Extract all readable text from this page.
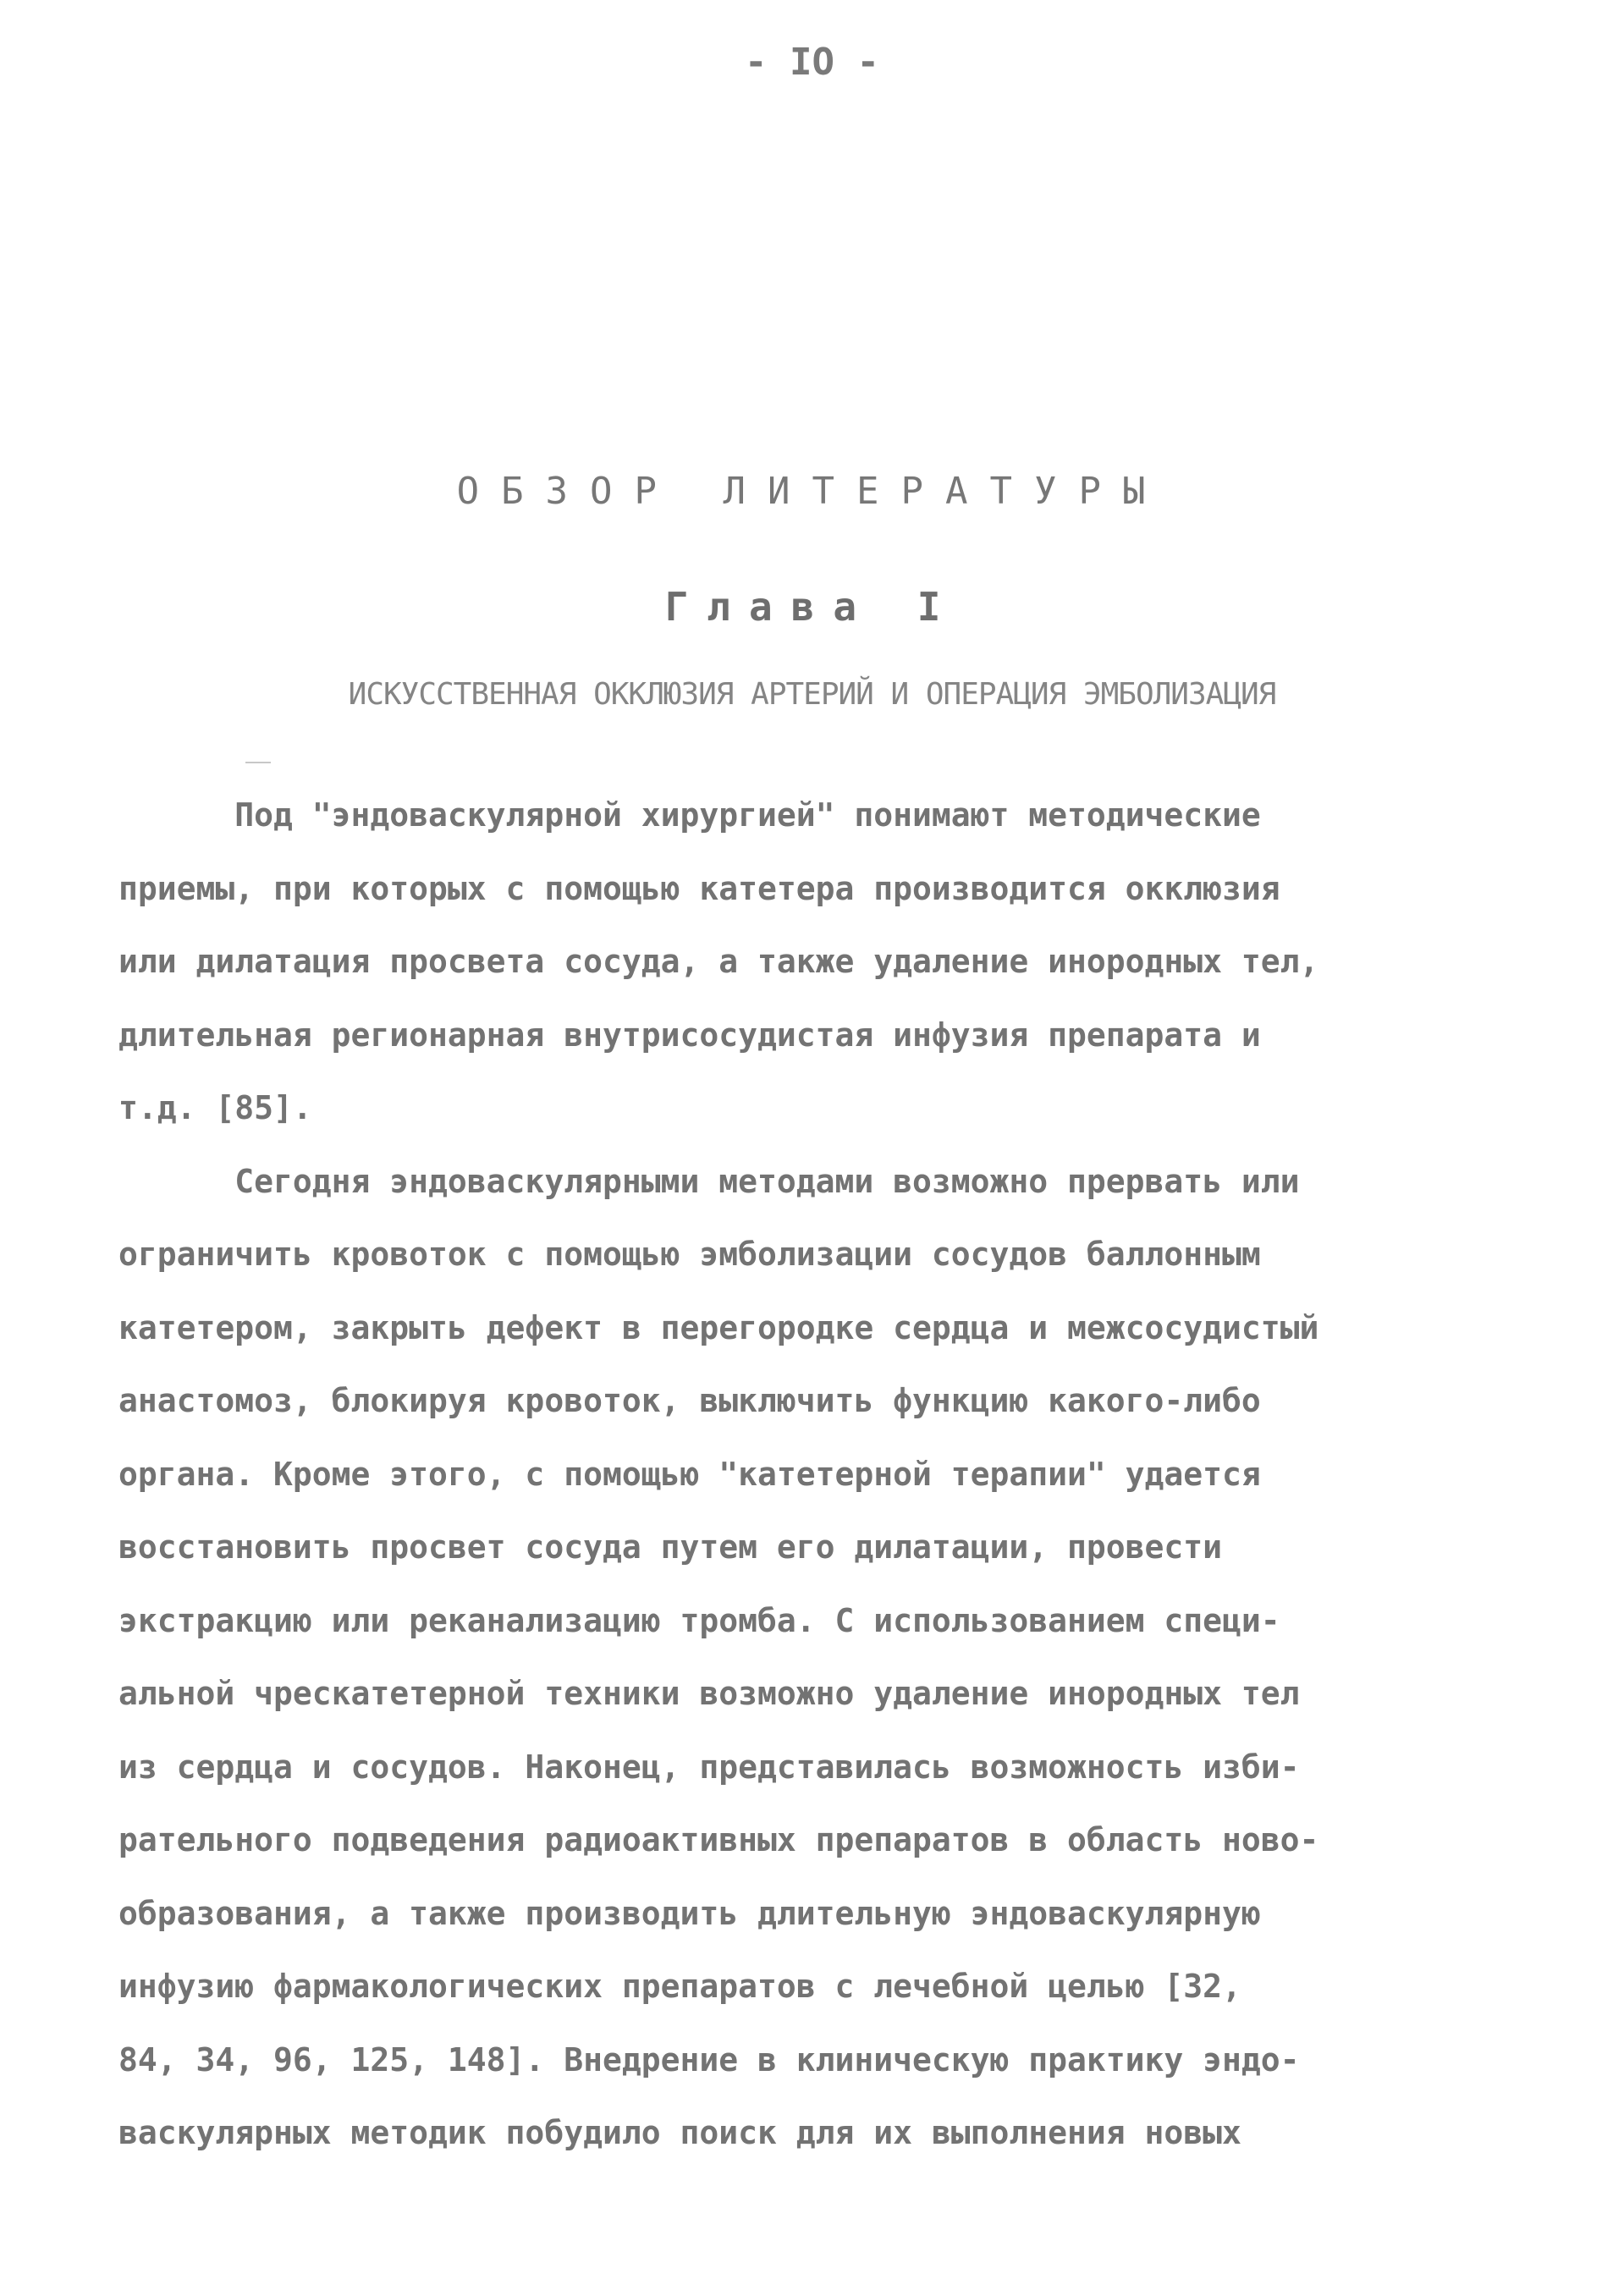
- IO -
ОБЗОР ЛИТЕРАТУРЫ
Глава I
ИСКУССТВЕННАЯ ОККЛЮЗИЯ АРТЕРИЙ И ОПЕРАЦИЯ ЭМБОЛИЗАЦИЯ
Под "эндоваскулярной хирургией" понимают методические
приемы, при которых с помощью катетера производится окклюзия
или дилатация просвета сосуда, а также удаление инородных тел,
длительная регионарная внутрисосудистая инфузия препарата и
т.д. [85].
Сегодня эндоваскулярными методами возможно прервать или
ограничить кровоток с помощью эмболизации сосудов баллонным
катетером, закрыть дефект в перегородке сердца и межсосудистый
анастомоз, блокируя кровоток, выключить функцию какого-либо
органа. Кроме этого, с помощью "катетерной терапии" удается
восстановить просвет сосуда путем его дилатации, провести
экстракцию или реканализацию тромба. С использованием специ-
альной чрескатетерной техники возможно удаление инородных тел
из сердца и сосудов. Наконец, представилась возможность изби-
рательного подведения радиоактивных препаратов в область ново-
образования, а также производить длительную эндоваскулярную
инфузию фармакологических препаратов с лечебной целью [32,
84, 34, 96, 125, 148]. Внедрение в клиническую практику эндо-
васкулярных методик побудило поиск для их выполнения новых
